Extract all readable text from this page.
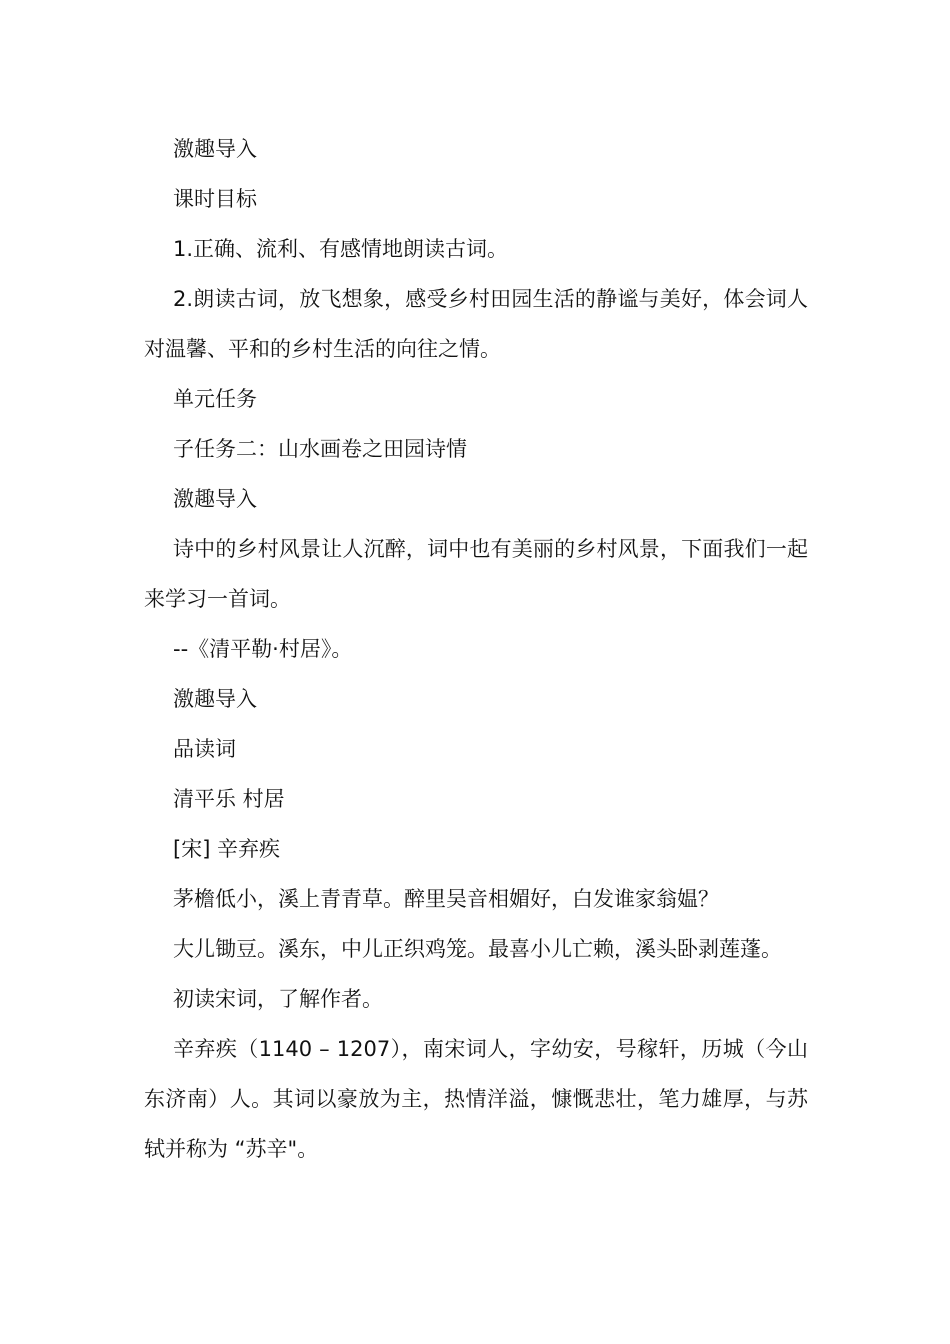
激趣导入

课时目标

1.正确、流利、有感情地朗读古词。

2.朗读古词，放飞想象，感受乡村田园生活的静谧与美好，体会词人对温馨、平和的乡村生活的向往之情。

单元任务

子任务二：山水画卷之田园诗情

激趣导入

诗中的乡村风景让人沉醉，词中也有美丽的乡村风景，下面我们一起来学习一首词。

--《清平勒·村居》。

激趣导入

品读词

清平乐 村居

[宋] 辛弃疾

茅檐低小，溪上青青草。醉里吴音相媚好，白发谁家翁媪？

大儿锄豆。溪东，中儿正织鸡笼。最喜小儿亡赖，溪头卧剥莲蓬。

初读宋词，了解作者。

辛弃疾（1140 – 1207），南宋词人，字幼安，号稼轩，历城（今山东济南）人。其词以豪放为主，热情洋溢，慷慨悲壮，笔力雄厚，与苏轼并称为 “苏辛"。
